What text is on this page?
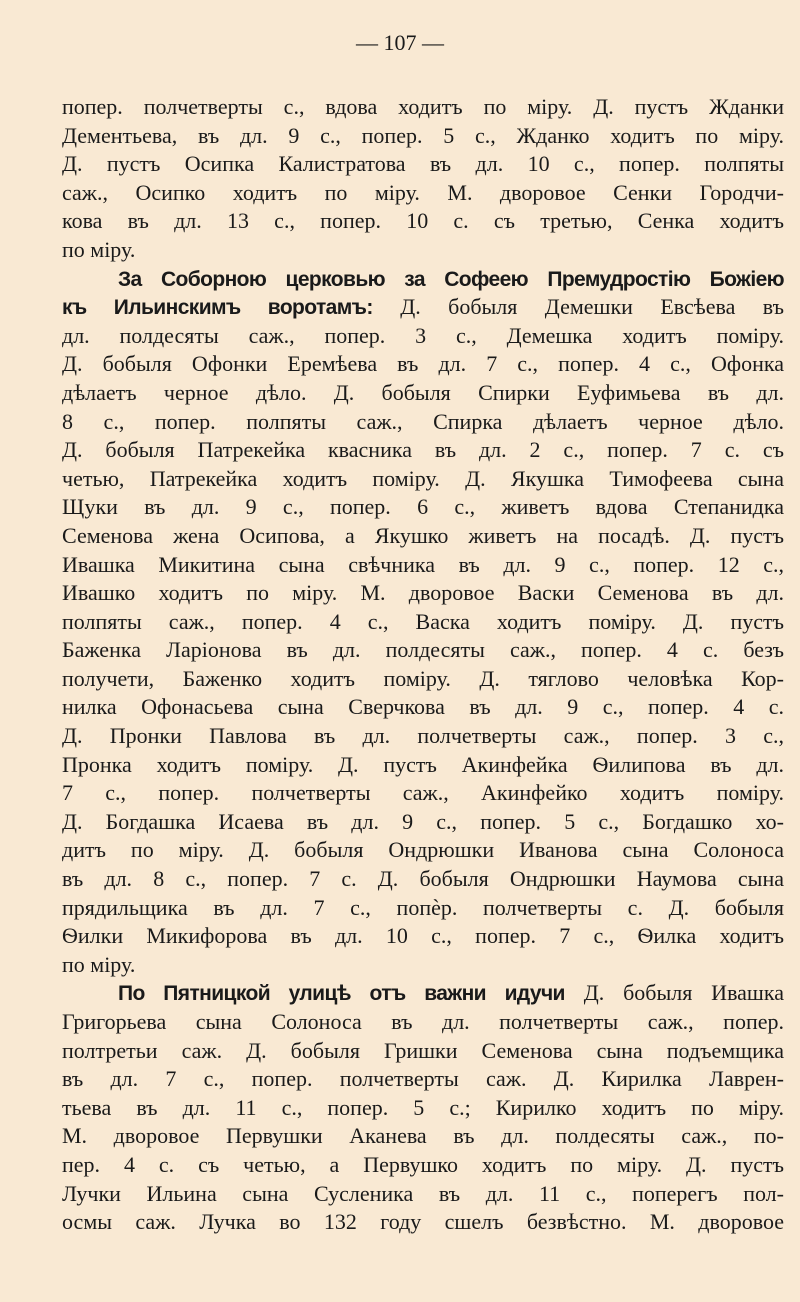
— 107 —
попер. полчетверты с., вдова ходитъ по міру. Д. пустъ Жданки
Дементьева, въ дл. 9 с., попер. 5 с., Жданко ходитъ по міру.
Д. пустъ Осипка Калистратова въ дл. 10 с., попер. полпяты
саж., Осипко ходитъ по міру. М. дворовое Сенки Городчи-
кова въ дл. 13 с., попер. 10 с. съ третью, Сенка ходитъ
по міру.
За Соборною церковью за Софеею Премудростію Божіею
къ Ильинскимъ воротамъ: Д. бобыля Демешки Евсѣева въ
дл. полдесяты саж., попер. 3 с., Демешка ходитъ поміру.
Д. бобыля Офонки Еремѣева въ дл. 7 с., попер. 4 с., Офонка
дѣлаетъ черное дѣло. Д. бобыля Спирки Еуфимьева въ дл.
8 с., попер. полпяты саж., Спирка дѣлаетъ черное дѣло.
Д. бобыля Патрекейка квасника въ дл. 2 с., попер. 7 с. съ
четью, Патрекейка ходитъ поміру. Д. Якушка Тимофеева сына
Щуки въ дл. 9 с., попер. 6 с., живетъ вдова Степанидка
Семенова жена Осипова, а Якушко живетъ на посадѣ. Д. пустъ
Ивашка Микитина сына свѣчника въ дл. 9 с., попер. 12 с.,
Ивашко ходитъ по міру. М. дворовое Васки Семенова въ дл.
полпяты саж., попер. 4 с., Васка ходитъ поміру. Д. пустъ
Баженка Ларіонова въ дл. полдесяты саж., попер. 4 с. безъ
получети, Баженко ходитъ поміру. Д. тяглово человѣка Кор-
нилка Офонасьева сына Сверчкова въ дл. 9 с., попер. 4 с.
Д. Пронки Павлова въ дл. полчетверты саж., попер. 3 с.,
Пронка ходитъ поміру. Д. пустъ Акинфейка Ѳилипова въ дл.
7 с., попер. полчетверты саж., Акинфейко ходитъ поміру.
Д. Богдашка Исаева въ дл. 9 с., попер. 5 с., Богдашко хо-
дитъ по міру. Д. бобыля Ондрюшки Иванова сына Солоноса
въ дл. 8 с., попер. 7 с. Д. бобыля Ондрюшки Наумова сына
прядильщика въ дл. 7 с., попѐр. полчетверты с. Д. бобыля
Ѳилки Микифорова въ дл. 10 с., попер. 7 с., Ѳилка ходитъ
по міру.
По Пятницкой улицѣ отъ важни идучи Д. бобыля Ивашка
Григорьева сына Солоноса въ дл. полчетверты саж., попер.
полтретьи саж. Д. бобыля Гришки Семенова сына подъемщика
въ дл. 7 с., попер. полчетверты саж. Д. Кирилка Лаврен-
тьева въ дл. 11 с., попер. 5 с.; Кирилко ходитъ по міру.
М. дворовое Первушки Аканева въ дл. полдесяты саж., по-
пер. 4 с. съ четью, а Первушко ходитъ по міру. Д. пустъ
Лучки Ильина сына Сусленика въ дл. 11 с., поперегъ пол-
осмы саж. Лучка во 132 году сшелъ безвѣстно. М. дворовое
